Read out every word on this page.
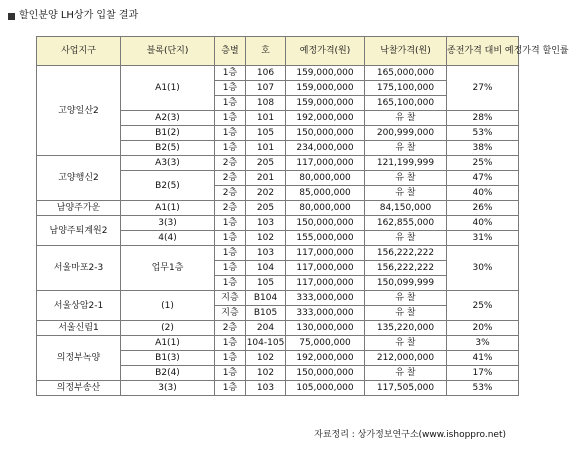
할인분양 LH상가 입찰 결과
사업지구	블록(단지)	층별	호	예정가격(원)	낙찰가격(원)	종전가격 대비 예정가격 할인률
고양일산2	A1(1)	1층	106	159,000,000	165,000,000	27%
		1층	107	159,000,000	175,100,000	
		1층	108	159,000,000	165,100,000	
	A2(3)	1층	101	192,000,000	유 찰	28%
	B1(2)	1층	105	150,000,000	200,999,000	53%
	B2(5)	1층	101	234,000,000	유 찰	38%
고양행신2	A3(3)	2층	205	117,000,000	121,199,999	25%
	B2(5)	2층	201	80,000,000	유 찰	47%
		2층	202	85,000,000	유 찰	40%
남양주가운	A1(1)	2층	205	80,000,000	84,150,000	26%
남양주퇴계원2	3(3)	1층	103	150,000,000	162,855,000	40%
	4(4)	1층	102	155,000,000	유 찰	31%
서울마포2-3	업무1층	1층	103	117,000,000	156,222,222	30%
		1층	104	117,000,000	156,222,222	
		1층	105	117,000,000	150,099,999	
서울상암2-1	(1)	지층	B104	333,000,000	유 찰	25%
		지층	B105	333,000,000	유 찰	
서울신림1	(2)	2층	204	130,000,000	135,220,000	20%
의정부녹양	A1(1)	1층	104-105	75,000,000	유 찰	3%
	B1(3)	1층	102	192,000,000	212,000,000	41%
	B2(4)	1층	102	150,000,000	유 찰	17%
의정부송산	3(3)	1층	103	105,000,000	117,505,000	53%
자료정리 : 상가정보연구소(www.ishoppro.net)
